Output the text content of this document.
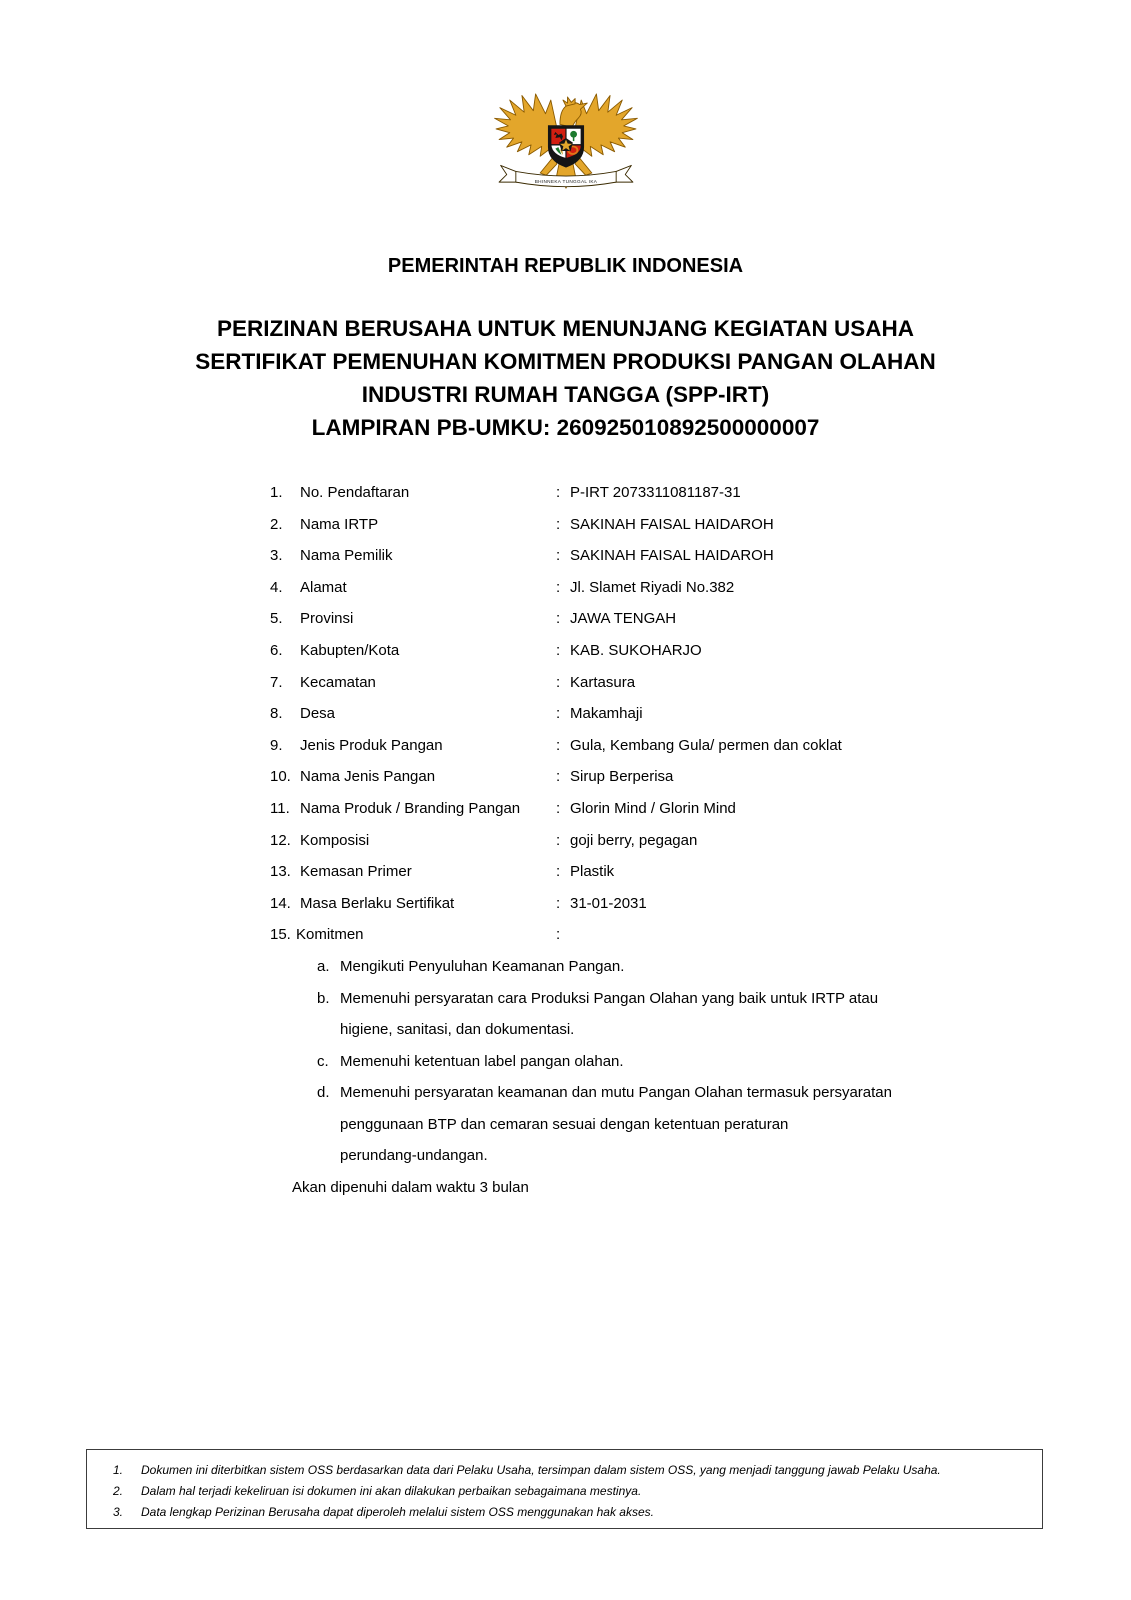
BHINNEKA TUNGGAL IKA
PEMERINTAH REPUBLIK INDONESIA
PERIZINAN BERUSAHA UNTUK MENUNJANG KEGIATAN USAHA
SERTIFIKAT PEMENUHAN KOMITMEN PRODUKSI PANGAN OLAHAN
INDUSTRI RUMAH TANGGA (SPP-IRT)
LAMPIRAN PB-UMKU: 260925010892500000007
1.	No. Pendaftaran	: P-IRT 2073311081187-31
2.	Nama IRTP	: SAKINAH FAISAL HAIDAROH
3.	Nama Pemilik	: SAKINAH FAISAL HAIDAROH
4.	Alamat	: Jl. Slamet Riyadi No.382
5.	Provinsi	: JAWA TENGAH
6.	Kabupten/Kota	: KAB. SUKOHARJO
7.	Kecamatan	: Kartasura
8.	Desa	: Makamhaji
9.	Jenis Produk Pangan	: Gula, Kembang Gula/ permen dan coklat
10. Nama Jenis Pangan	: Sirup Berperisa
11. Nama Produk / Branding Pangan	: Glorin Mind / Glorin Mind
12. Komposisi	: goji berry, pegagan
13. Kemasan Primer	: Plastik
14. Masa Berlaku Sertifikat	: 31-01-2031
15. Komitmen	:
a. Mengikuti Penyuluhan Keamanan Pangan.
b. Memenuhi persyaratan cara Produksi Pangan Olahan yang baik untuk IRTP atau
higiene, sanitasi, dan dokumentasi.
c. Memenuhi ketentuan label pangan olahan.
d. Memenuhi persyaratan keamanan dan mutu Pangan Olahan termasuk persyaratan
penggunaan BTP dan cemaran sesuai dengan ketentuan peraturan
perundang-undangan.
Akan dipenuhi dalam waktu 3 bulan
1.	Dokumen ini diterbitkan sistem OSS berdasarkan data dari Pelaku Usaha, tersimpan dalam sistem OSS, yang menjadi tanggung jawab Pelaku Usaha.
2.	Dalam hal terjadi kekeliruan isi dokumen ini akan dilakukan perbaikan sebagaimana mestinya.
3.	Data lengkap Perizinan Berusaha dapat diperoleh melalui sistem OSS menggunakan hak akses.
